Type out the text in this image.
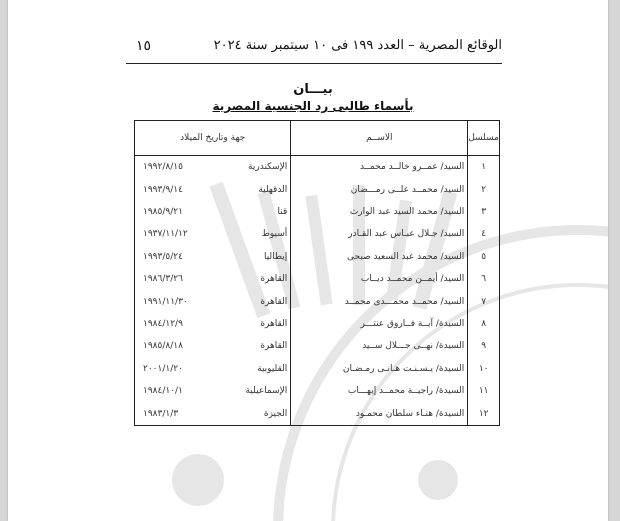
الوقائع المصرية – العدد ١٩٩ فى ١٠ سبتمبر سنة ٢٠٢٤
١٥
بيـــان
بأسماء طالبى رد الجنسية المصرية
مسلسل	الاســم	جهة وتاريخ الميلاد	
١	السيد/ عمــرو خالــد محمــد	الإسكندرية	١٩٩٢/٨/١٥
٢	السيد/ محمــد علــى رمـــضان	الدقهلية	١٩٩٣/٩/١٤
٣	السيد/ محمد السيد عبد الوارث	قنا	١٩٨٥/٩/٢١
٤	السيد/ جـلال عبـاس عبد القـادر	أسيوط	١٩٣٧/١١/١٢
٥	السيد/ محمد عبد السعيد صبحى	إيطاليا	١٩٩٣/٥/٢٤
٦	السيد/ أيمــن محمــد ديــاب	القاهرة	١٩٨٦/٣/٢٦
٧	السيد/ محمــد محمـــدى محمــد	القاهرة	١٩٩١/١١/٣٠
٨	السيدة/ آيــة فــاروق عنتـــر	القاهرة	١٩٨٤/١٢/٩
٩	السيدة/ نهــى جـــلال ســيد	القاهرة	١٩٨٥/٨/١٨
١٠	السيدة/ يـسـنـت هـانـى رمـضـان	القليوبية	٢٠٠١/١/٢٠
١١	السيدة/ راجيــة محمــد إيهـــاب	الإسماعيلية	١٩٨٤/١٠/١
١٢	السيدة/ هنـاء سلطان محمـود	الجيزة	١٩٨٣/١/٣
